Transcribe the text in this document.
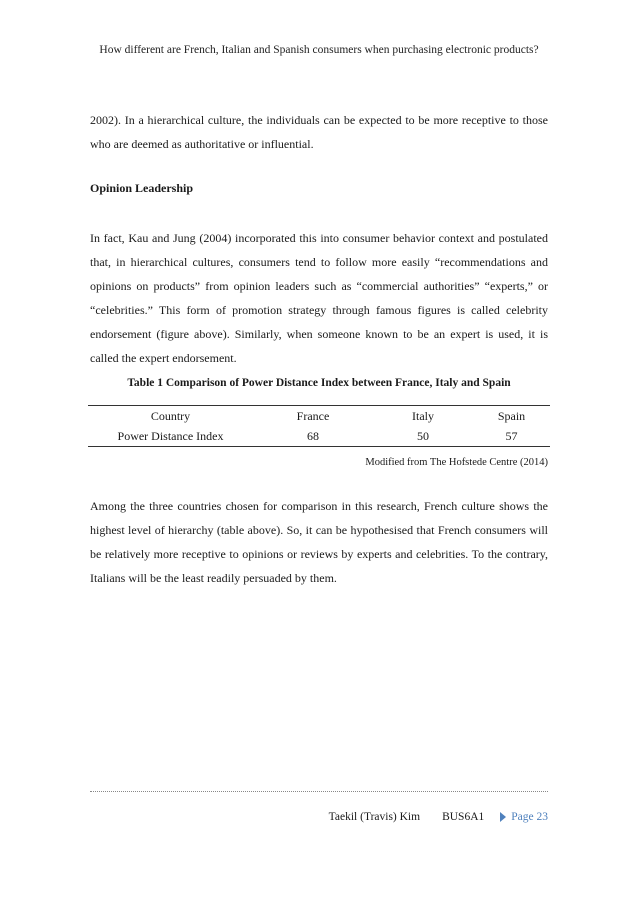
How different are French, Italian and Spanish consumers when purchasing electronic products?

2002). In a hierarchical culture, the individuals can be expected to be more receptive to those who are deemed as authoritative or influential.

Opinion Leadership

In fact, Kau and Jung (2004) incorporated this into consumer behavior context and postulated that, in hierarchical cultures, consumers tend to follow more easily “recommendations and opinions on products” from opinion leaders such as “commercial authorities” “experts,” or “celebrities.” This form of promotion strategy through famous figures is called celebrity endorsement (figure above). Similarly, when someone known to be an expert is used, it is called the expert endorsement.

Table 1 Comparison of Power Distance Index between France, Italy and Spain
Country	France	Italy	Spain
Power Distance Index	68	50	57
Modified from The Hofstede Centre (2014)

Among the three countries chosen for comparison in this research, French culture shows the highest level of hierarchy (table above). So, it can be hypothesised that French consumers will be relatively more receptive to opinions or reviews by experts and celebrities. To the contrary, Italians will be the least readily persuaded by them.

Taekil (Travis) Kim BUS6A1 Page 23
